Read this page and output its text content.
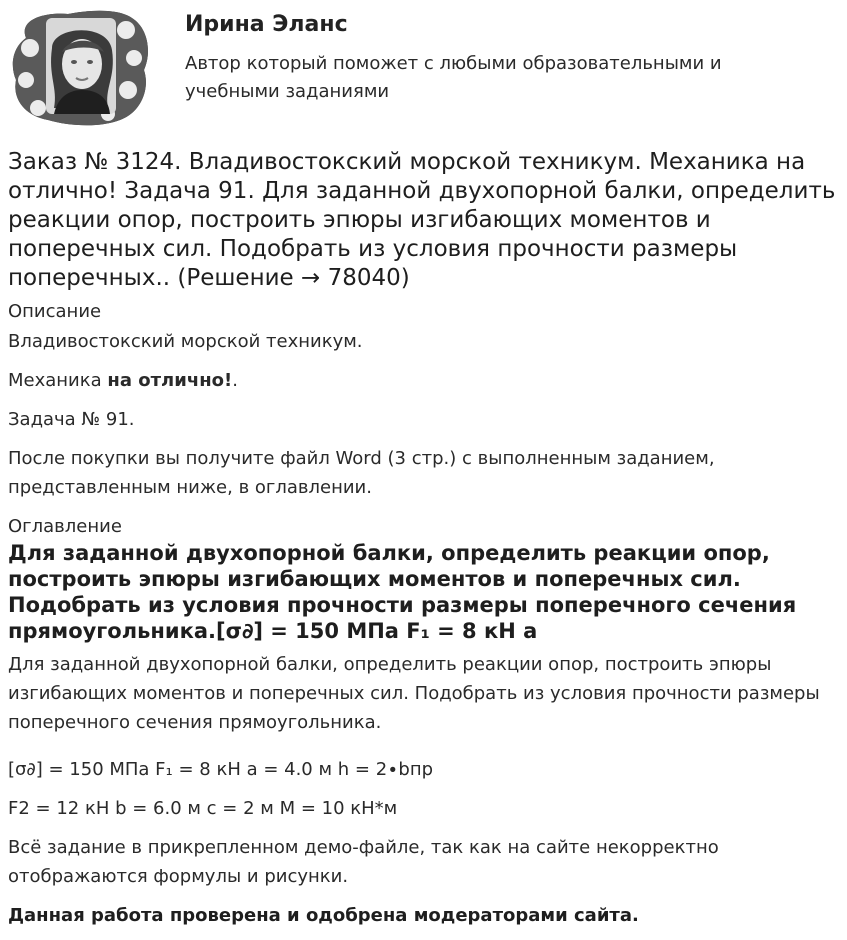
Ирина Эланс
Автор который поможет с любыми образовательными и учебными заданиями
Заказ № 3124. Владивостокский морской техникум. Механика на отлично! Задача 91. Для заданной двухопорной балки, определить реакции опор, построить эпюры изгибающих моментов и поперечных сил. Подобрать из условия прочности размеры поперечных.. (Решение → 78040)
Описание

Владивостокский морской техникум.

Механика на отлично!.

Задача № 91.

После покупки вы получите файл Word (3 стр.) с выполненным заданием, представленным ниже, в оглавлении.

Оглавление
Для заданной двухопорной балки, определить реакции опор, построить эпюры изгибающих моментов и поперечных сил. Подобрать из условия прочности размеры поперечного сечения прямоугольника.[σ∂] = 150 МПа F₁ = 8 кН а

Для заданной двухопорной балки, определить реакции опор, построить эпюры изгибающих моментов и поперечных сил. Подобрать из условия прочности размеры поперечного сечения прямоугольника.

[σ∂] = 150 МПа F₁ = 8 кН а = 4.0 м h = 2∙bпр

F2 = 12 кН b = 6.0 м с = 2 м М = 10 кН*м

Всё задание в прикрепленном демо-файле, так как на сайте некорректно отображаются формулы и рисунки.

Данная работа проверена и одобрена модераторами сайта.
